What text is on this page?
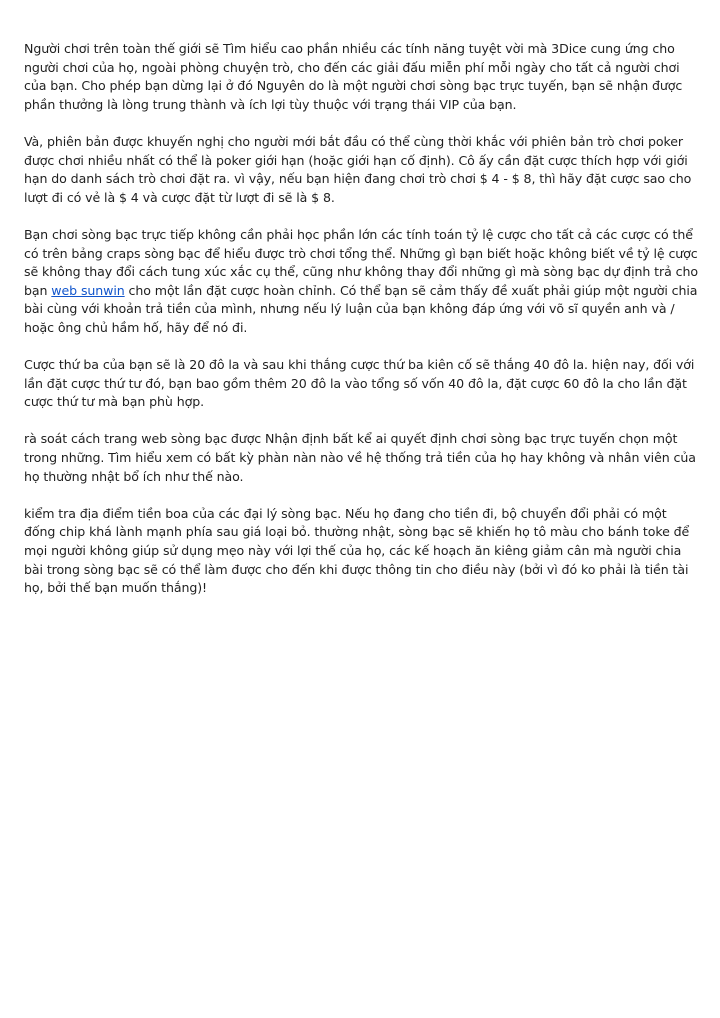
Người chơi trên toàn thế giới sẽ Tìm hiểu cao phần nhiều các tính năng tuyệt vời mà 3Dice cung ứng cho người chơi của họ, ngoài phòng chuyện trò, cho đến các giải đấu miễn phí mỗi ngày cho tất cả người chơi của bạn. Cho phép bạn dừng lại ở đó Nguyên do là một người chơi sòng bạc trực tuyến, bạn sẽ nhận được phần thưởng là lòng trung thành và ích lợi tùy thuộc với trạng thái VIP của bạn.

Và, phiên bản được khuyến nghị cho người mới bắt đầu có thể cùng thời khắc với phiên bản trò chơi poker được chơi nhiều nhất có thể là poker giới hạn (hoặc giới hạn cố định). Cô ấy cần đặt cược thích hợp với giới hạn do danh sách trò chơi đặt ra. vì vậy, nếu bạn hiện đang chơi trò chơi $ 4 - $ 8, thì hãy đặt cược sao cho lượt đi có vẻ là $ 4 và cược đặt từ lượt đi sẽ là $ 8.

Bạn chơi sòng bạc trực tiếp không cần phải học phần lớn các tính toán tỷ lệ cược cho tất cả các cược có thể có trên bảng craps sòng bạc để hiểu được trò chơi tổng thể. Những gì bạn biết hoặc không biết về tỷ lệ cược sẽ không thay đổi cách tung xúc xắc cụ thể, cũng như không thay đổi những gì mà sòng bạc dự định trả cho bạn web sunwin cho một lần đặt cược hoàn chỉnh. Có thể bạn sẽ cảm thấy đề xuất phải giúp một người chia bài cùng với khoản trả tiền của mình, nhưng nếu lý luận của bạn không đáp ứng với võ sĩ quyền anh và / hoặc ông chủ hầm hố, hãy để nó đi.

Cược thứ ba của bạn sẽ là 20 đô la và sau khi thắng cược thứ ba kiên cố sẽ thắng 40 đô la. hiện nay, đối với lần đặt cược thứ tư đó, bạn bao gồm thêm 20 đô la vào tổng số vốn 40 đô la, đặt cược 60 đô la cho lần đặt cược thứ tư mà bạn phù hợp.

rà soát cách trang web sòng bạc được Nhận định bất kể ai quyết định chơi sòng bạc trực tuyến chọn một trong những. Tìm hiểu xem có bất kỳ phàn nàn nào về hệ thống trả tiền của họ hay không và nhân viên của họ thường nhật bổ ích như thế nào.

kiểm tra địa điểm tiền boa của các đại lý sòng bạc. Nếu họ đang cho tiền đi, bộ chuyển đổi phải có một đống chip khá lành mạnh phía sau giá loại bỏ. thường nhật, sòng bạc sẽ khiến họ tô màu cho bánh toke để mọi người không giúp sử dụng mẹo này với lợi thế của họ, các kế hoạch ăn kiêng giảm cân mà người chia bài trong sòng bạc sẽ có thể làm được cho đến khi được thông tin cho điều này (bởi vì đó ko phải là tiền tài họ, bởi thế bạn muốn thắng)!
